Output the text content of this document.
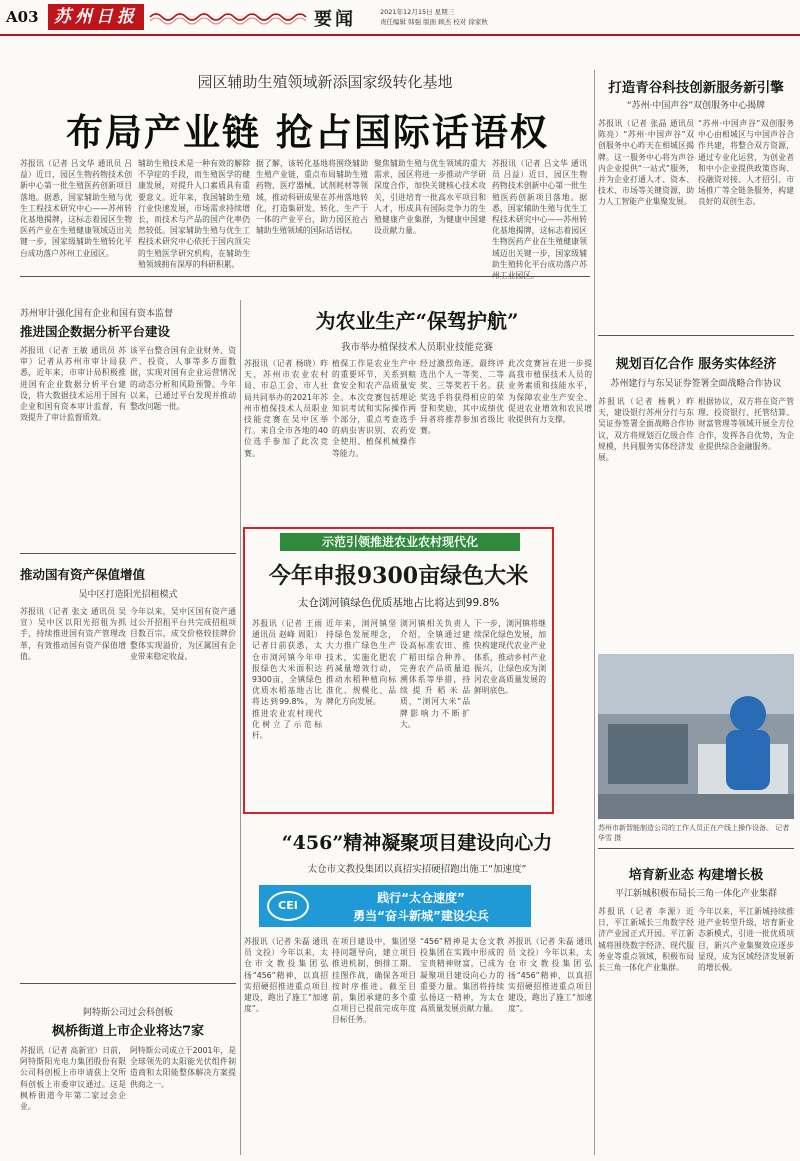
A03 苏州日报	要闻	2021年12月15日 星期三
责任编辑 韩强 版面 顾杰 校对 徐家秋
园区辅助生殖领域新添国家级转化基地
布局产业链 抢占国际话语权
苏报讯（记者 吕文华 通讯员 吕益）近日，园区生物药物技术创新中心第一批生殖医药创新项目落地。据悉，国家辅助生殖与优生工程技术研究中心——苏州转化基地揭牌，这标志着园区生物医药产业在生殖健康领域迈出关键一步，国家级辅助生殖转化平台成功落户苏州工业园区。
辅助生殖技术是一种有效的解除不孕症的手段，而生殖医学的健康发展，对提升人口素质具有重要意义。近年来，我国辅助生殖行业快速发展，市场需求持续增长，而技术与产品的国产化率仍然较低。国家辅助生殖与优生工程技术研究中心依托于国内顶尖的生殖医学研究机构，在辅助生殖领域拥有深厚的科研积累。
据了解，该转化基地将围绕辅助生殖产业链，重点布局辅助生殖药物、医疗器械、试剂耗材等领域，推动科研成果在苏州落地转化，打造集研发、转化、生产于一体的产业平台，助力园区抢占辅助生殖领域的国际话语权。
聚焦辅助生殖与优生领域的重大需求，园区将进一步推动产学研深度合作，加快关键核心技术攻关，引进培育一批高水平项目和人才，形成具有国际竞争力的生殖健康产业集群，为健康中国建设贡献力量。
苏报讯（记者 吕文华 通讯员 吕益）近日，园区生物药物技术创新中心第一批生殖医药创新项目落地。据悉，国家辅助生殖与优生工程技术研究中心——苏州转化基地揭牌，这标志着园区生物医药产业在生殖健康领域迈出关键一步，国家级辅助生殖转化平台成功落户苏
打造青谷科技创新服务新引擎
“苏州·中国声谷”双创服务中心揭牌
苏报讯（记者 张晶 通讯员 陈亮）“苏州·中国声谷”双创服务中心昨天在相城区揭牌。这一服务中心将为声谷内企业提供“一站式”服务，并为企业打通人才、资本、技术、市场等关键资源，助力人工智能产业集聚发展。
“苏州·中国声谷”双创服务中心由相城区与中国声谷合作共建，将整合双方资源，通过专业化运营，为创业者和中小企业提供政策咨询、投融资对接、人才招引、市场推广等全链条服务，构建良好的双创生态。
苏州审计强化国有企业和国有资本监督
推进国企数据分析平台建设
苏报讯（记者 王敏 通讯员 苏审）记者从苏州市审计局获悉，近年来，市审计局积极推进国有企业数据分析平台建设，将大数据技术运用于国有企业和国有资本审计监督，有效提升了审计监督质效。
该平台整合国有企业财务、资产、投资、人事等多方面数据，实现对国有企业运营情况的动态分析和风险预警。今年以来，已通过平台发现并推动整改问题一批。
为农业生产“保驾护航”
我市举办植保技术人员职业技能竞赛
苏报讯（记者 杨晓）昨天，苏州市农业农村局、市总工会、市人社局共同举办的2021年苏州市植保技术人员职业技能竞赛在吴中区举行。来自全市各地的40位选手参加了此次竞赛。
植保工作是农业生产中的重要环节，关系到粮食安全和农产品质量安全。本次竞赛包括理论知识考试和实际操作两个部分，重点考查选手的病虫害识别、农药安全使用、植保机械操作等能力。
经过激烈角逐，最终评选出个人一等奖、二等奖、三等奖若干名。获奖选手将获得相应的荣誉和奖励，其中成绩优异者将推荐参加省级比赛。
此次竞赛旨在进一步提高我市植保技术人员的业务素质和技能水平，为保障农业生产安全、促进农业增效和农民增收提供有力支撑。
规划百亿合作 服务实体经济
苏州建行与东吴证券签署全面战略合作协议
苏报讯（记者 杨帆）昨天，建设银行苏州分行与东吴证券签署全面战略合作协议，双方将规划百亿级合作规模，共同服务实体经济发展。
根据协议，双方将在资产管理、投资银行、托管结算、财富管理等领域开展全方位合作，发挥各自优势，为企业提供综合金融服务。
苏州市新智能制造公司的工作人员正在产线上操作设备。 记者 华雪 摄
推动国有资产保值增值
吴中区打造阳光招租模式
苏报讯（记者 张文 通讯员 吴宣）吴中区以阳光招租为抓手，持续推进国有资产管理改革，有效推动国有资产保值增值。
今年以来，吴中区国有资产通过公开招租平台共完成招租项目数百宗，成交价格较挂牌价整体实现溢价，为区属国有企业带来稳定收益。
示范引领推进农业农村现代化
今年申报9300亩绿色大米
太仓浏河镇绿色优质基地占比将达到99.8%
苏报讯（记者 王雨 通讯员 赵峰 周阳）记者日前获悉，太仓市浏河镇今年申报绿色大米面积达9300亩，全镇绿色优质水稻基地占比将达到99.8%，为推进农业农村现代化树立了示范标杆。
近年来，浏河镇坚持绿色发展理念，大力推广绿色生产技术，实施化肥农药减量增效行动，推动水稻种植向标准化、规模化、品牌化方向发展。
浏河镇相关负责人介绍，全镇通过建设高标准农田、推广稻田综合种养、完善农产品质量追溯体系等举措，持续提升稻米品质，“浏河大米”品牌影响力不断扩大。
下一步，浏河镇将继续深化绿色发展，加快构建现代农业产业体系，推动乡村产业振兴，让绿色成为浏河农业高质量发展的鲜明底色。
“456”精神凝聚项目建设向心力
太仓市文教投集团以真招实招硬招跑出施工“加速度”
CEI
践行“太仓速度”
勇当“奋斗新城”建设尖兵
苏报讯（记者 朱磊 通讯员 文投）今年以来，太仓市文教投集团弘扬“456”精神，以真招实招硬招推进重点项目建设，跑出了施工“加速度”。
在项目建设中，集团坚持问题导向，建立项目推进机制，倒排工期、挂图作战，确保各项目按时序推进。截至目前，集团承建的多个重点项目已提前完成年度目标任务。
“456”精神是太仓文教投集团在实践中形成的宝贵精神财富，已成为凝聚项目建设向心力的重要力量。集团将持续弘扬这一精神，为太仓高质量发展贡献力量。
苏报讯（记者 朱磊 通讯员 文投）今年以来，太仓市文教投集团弘扬“456”精神，以真招实招硬招推进重点项目建设，跑出了施工“加速度”。
阿特斯公司过会科创板
枫桥街道上市企业将达7家
苏报讯（记者 高新宣）日前，阿特斯阳光电力集团股份有限公司科创板上市申请获上交所科创板上市委审议通过。这是枫桥街道今年第二家过会企业。
阿特斯公司成立于2001年，是全球领先的太阳能光伏组件制造商和太阳能整体解决方案提供商之一。
培育新业态 构建增长极
平江新城积极布局长三角一体化产业集群
苏报讯（记者 李源）近日，平江新城长三角数字经济产业园正式开园。平江新城将围绕数字经济、现代服务业等重点领域，积极布局长三角一体化产业集群。
今年以来，平江新城持续推进产业转型升级，培育新业态新模式，引进一批优质项目，新兴产业集聚效应逐步显现，成为区域经济发展新的增长极。
